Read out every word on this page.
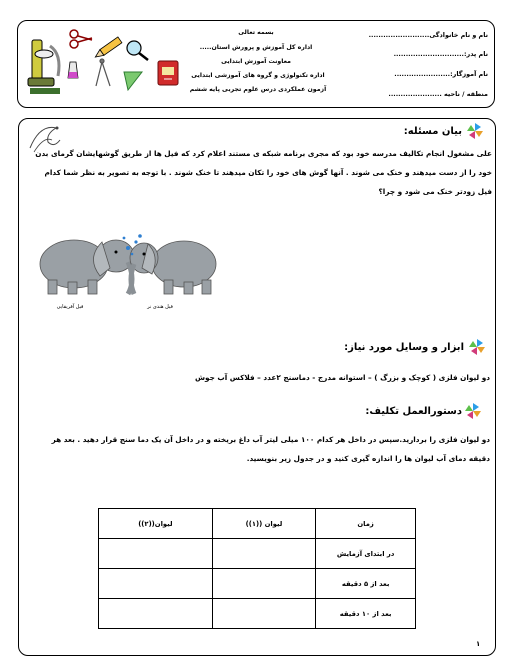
بسمه تعالی
اداره کل آموزش و پرورش استان.....
معاونت آموزش ابتدایی
اداره تکنولوژی و گروه های آموزشی ابتدایی
آزمون عملکردی درس علوم تجربی پایه ششم
نام و نام خانوادگی.........................
نام پدر:.............................
نام آموزگار:.......................
منطقه / ناحیه ......................
بیان مسئله:
علی مشغول انجام تکالیف مدرسه خود بود که مجری برنامه شبکه ی مستند اعلام کرد که فیل ها از طریق گوشهایشان گرمای بدن خود را از دست میدهند و خنک می شوند . آنها گوش های خود را تکان میدهند تا خنک شوند . با توجه به تصویر به نظر شما کدام فیل زودتر خنک می شود و چرا؟
فیل آفریقایی	فیل هندی نر
ابزار و وسایل مورد نیاز:
دو لیوان فلزی ( کوچک و بزرگ ) – استوانه مدرج - دماسنج ۲عدد – فلاکس آب جوش
دستورالعمل تکلیف:
دو لیوان فلزی را بردارید.سپس در داخل هر کدام ۱۰۰ میلی لیتر آب داغ بریخته و در داخل آن یک دما سنج قرار دهید . بعد هر دقیقه دمای آب لیوان ها را اندازه گیری کنید و در جدول زیر بنویسید.
زمان	لیوان ((۱))	لیوان((۲))
در ابتدای آزمایش		
بعد از ۵ دقیقه		
بعد از ۱۰ دقیقه		
۱
